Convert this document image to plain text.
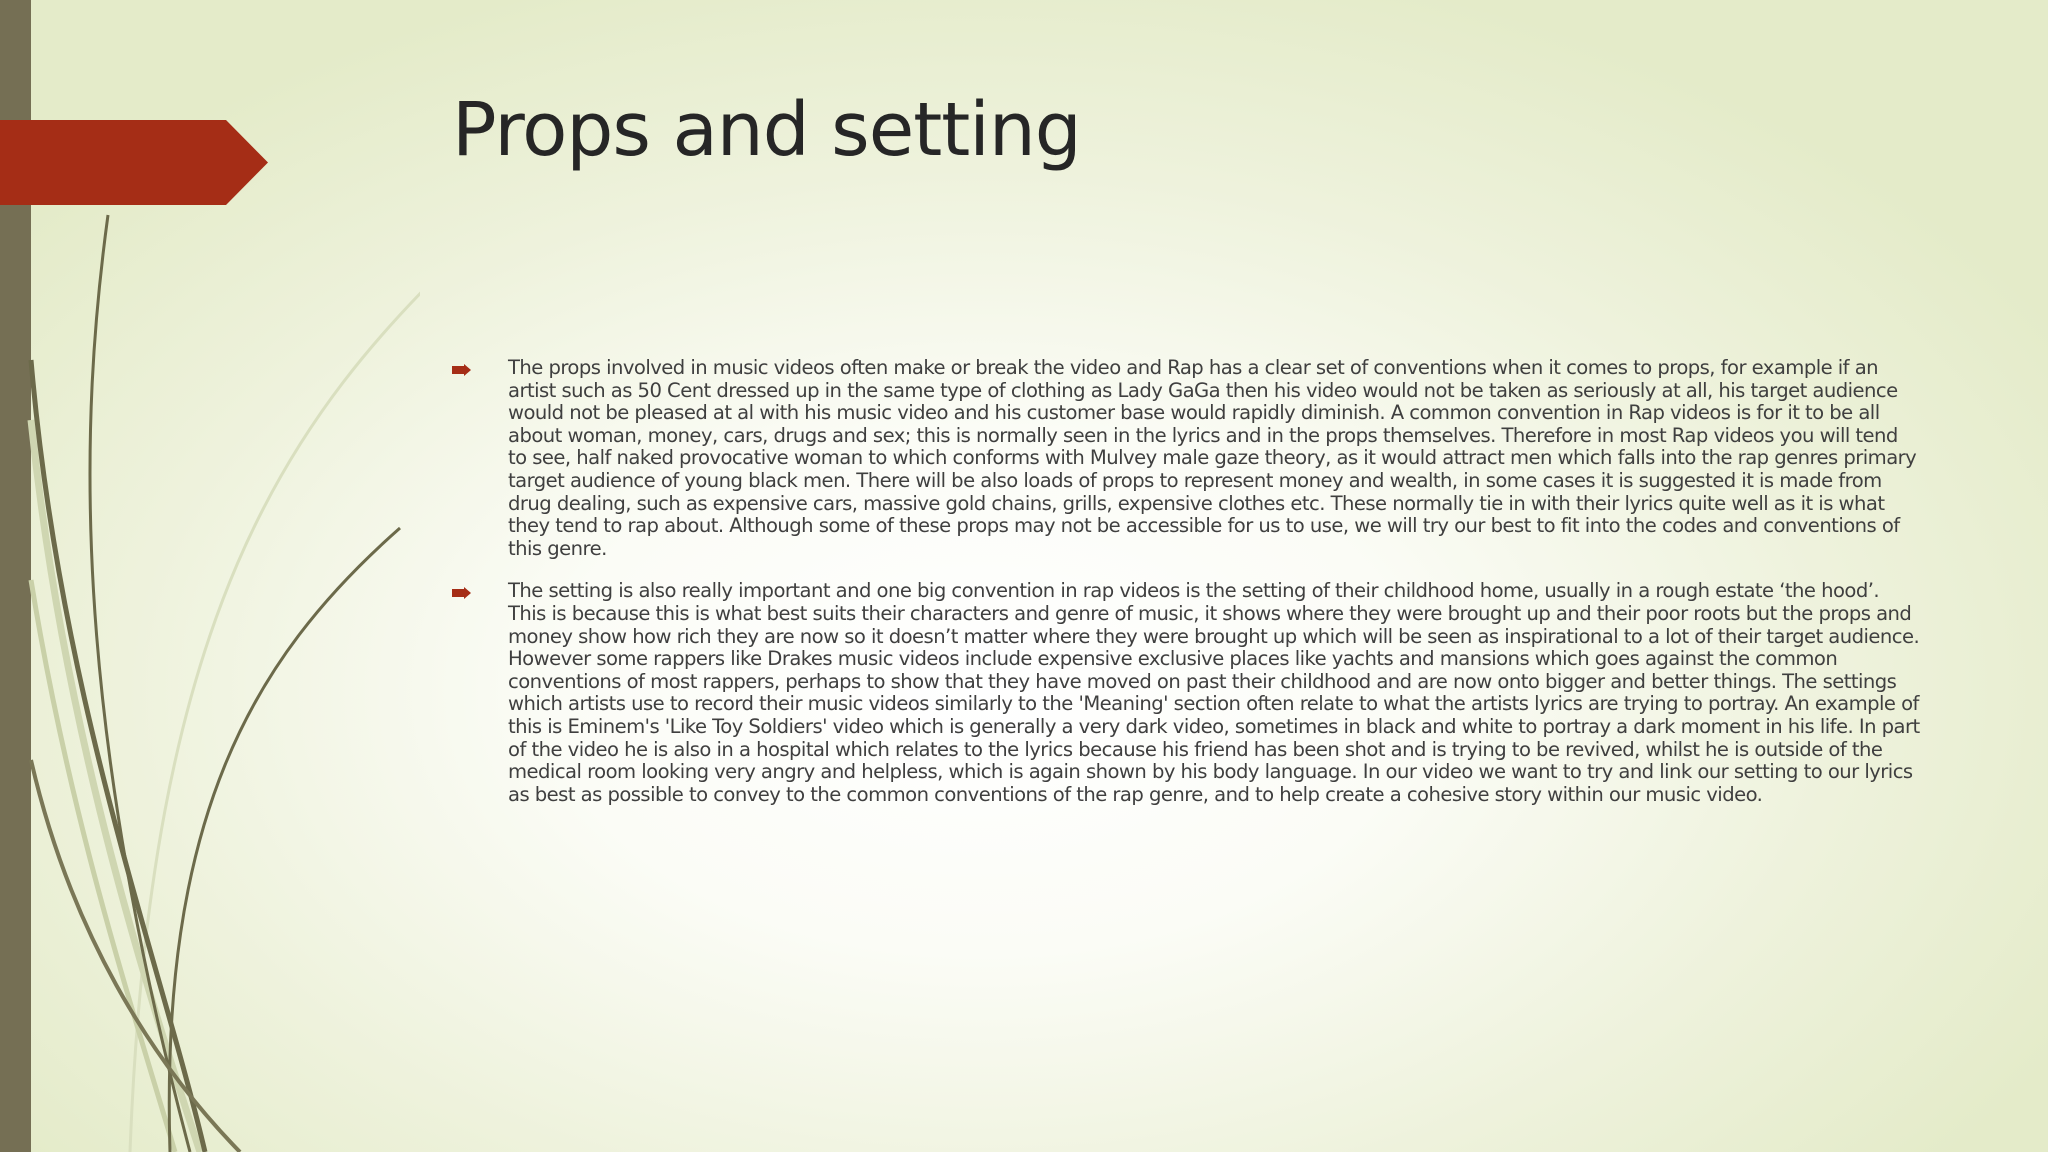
Props and setting

The props involved in music videos often make or break the video and Rap has a clear set of conventions when it comes to props, for example if an artist such as 50 Cent dressed up in the same type of clothing as Lady GaGa then his video would not be taken as seriously at all, his target audience would not be pleased at al with his music video and his customer base would rapidly diminish. A common convention in Rap videos is for it to be all about woman, money, cars, drugs and sex; this is normally seen in the lyrics and in the props themselves. Therefore in most Rap videos you will tend to see, half naked provocative woman to which conforms with Mulvey male gaze theory, as it would attract men which falls into the rap genres primary target audience of young black men. There will be also loads of props to represent money and wealth, in some cases it is suggested it is made from drug dealing, such as expensive cars, massive gold chains, grills, expensive clothes etc. These normally tie in with their lyrics quite well as it is what they tend to rap about. Although some of these props may not be accessible for us to use, we will try our best to fit into the codes and conventions of this genre.

The setting is also really important and one big convention in rap videos is the setting of their childhood home, usually in a rough estate ‘the hood’. This is because this is what best suits their characters and genre of music, it shows where they were brought up and their poor roots but the props and money show how rich they are now so it doesn’t matter where they were brought up which will be seen as inspirational to a lot of their target audience. However some rappers like Drakes music videos include expensive exclusive places like yachts and mansions which goes against the common conventions of most rappers, perhaps to show that they have moved on past their childhood and are now onto bigger and better things. The settings which artists use to record their music videos similarly to the 'Meaning' section often relate to what the artists lyrics are trying to portray. An example of this is Eminem's 'Like Toy Soldiers' video which is generally a very dark video, sometimes in black and white to portray a dark moment in his life. In part of the video he is also in a hospital which relates to the lyrics because his friend has been shot and is trying to be revived, whilst he is outside of the medical room looking very angry and helpless, which is again shown by his body language. In our video we want to try and link our setting to our lyrics as best as possible to convey to the common conventions of the rap genre, and to help create a cohesive story within our music video.
